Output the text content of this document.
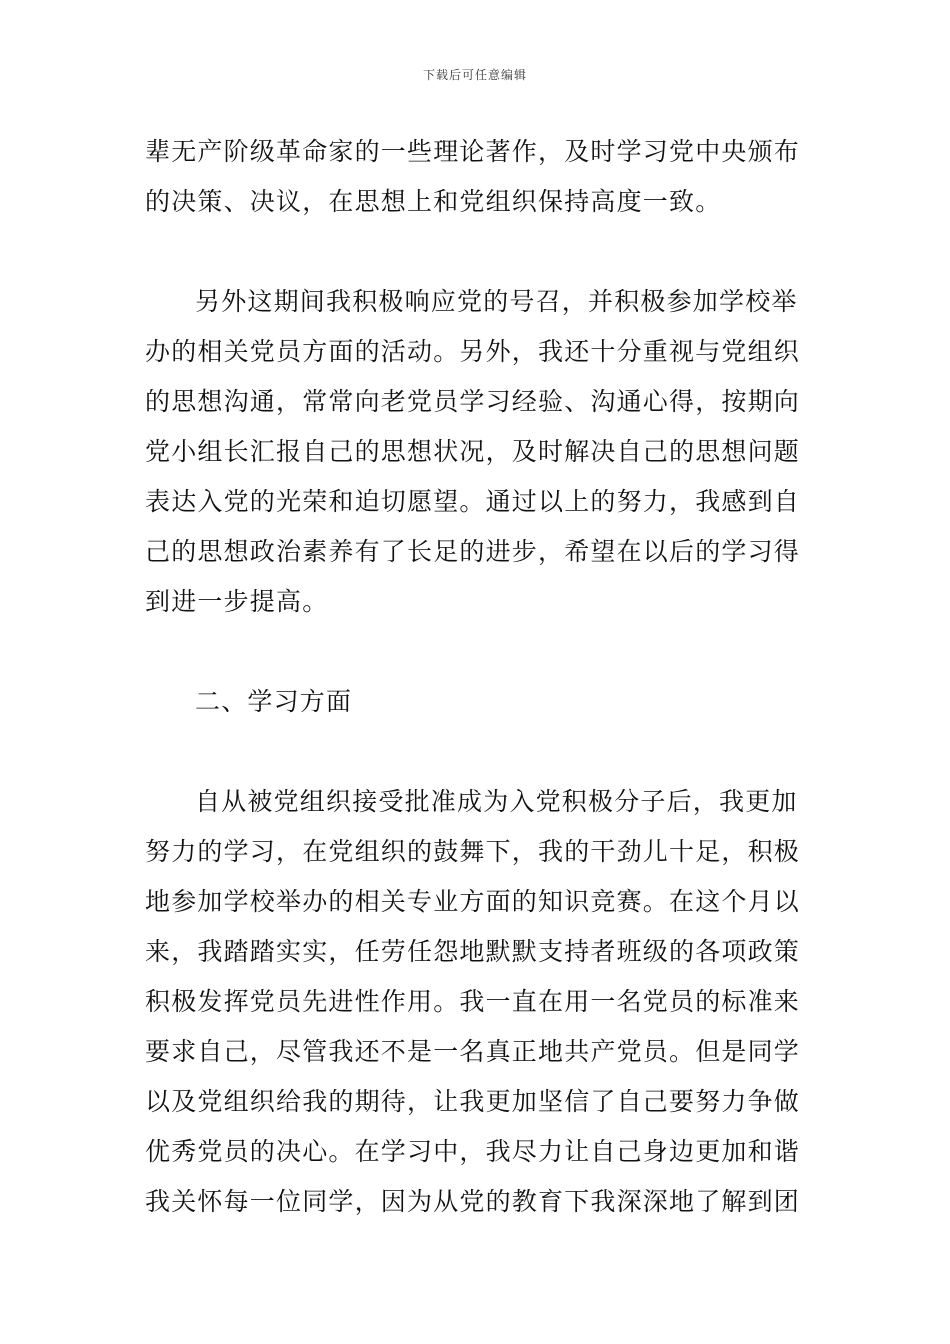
下载后可任意编辑

辈无产阶级革命家的一些理论著作，及时学习党中央颁布
的决策、决议，在思想上和党组织保持高度一致。

另外这期间我积极响应党的号召，并积极参加学校举
办的相关党员方面的活动。另外，我还十分重视与党组织
的思想沟通，常常向老党员学习经验、沟通心得，按期向
党小组长汇报自己的思想状况，及时解决自己的思想问题
表达入党的光荣和迫切愿望。通过以上的努力，我感到自
己的思想政治素养有了长足的进步，希望在以后的学习得
到进一步提高。

二、学习方面

自从被党组织接受批准成为入党积极分子后，我更加
努力的学习，在党组织的鼓舞下，我的干劲儿十足，积极
地参加学校举办的相关专业方面的知识竞赛。在这个月以
来，我踏踏实实，任劳任怨地默默支持者班级的各项政策
积极发挥党员先进性作用。我一直在用一名党员的标准来
要求自己，尽管我还不是一名真正地共产党员。但是同学
以及党组织给我的期待，让我更加坚信了自己要努力争做
优秀党员的决心。在学习中，我尽力让自己身边更加和谐
我关怀每一位同学，因为从党的教育下我深深地了解到团
